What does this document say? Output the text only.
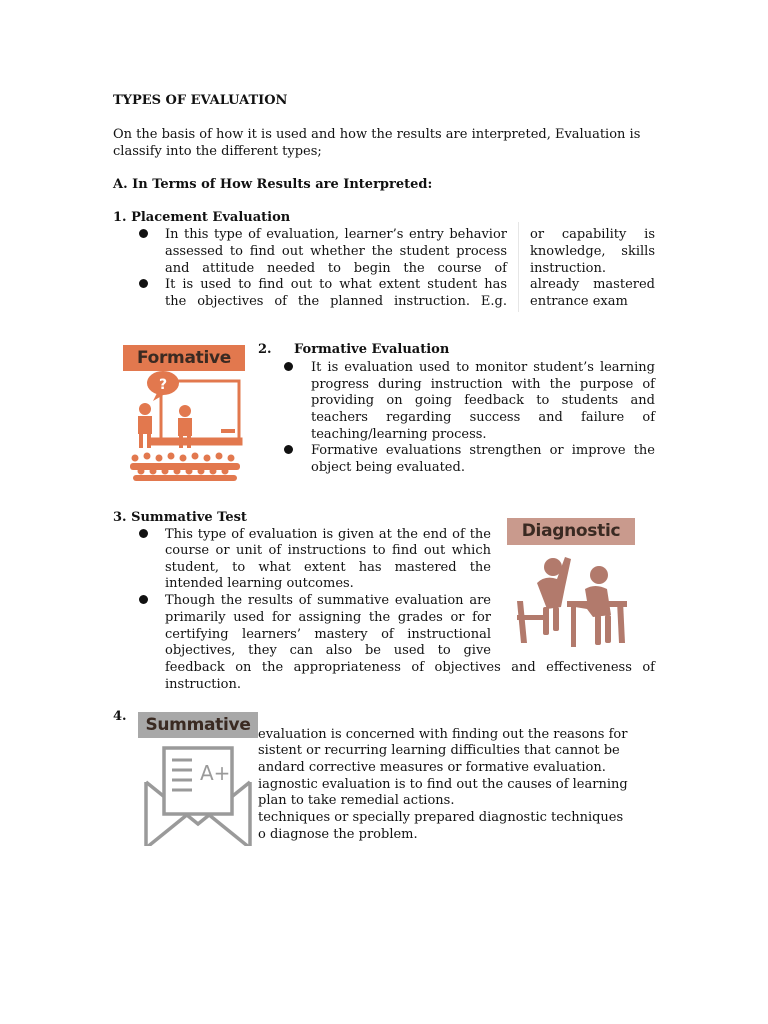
TYPES OF EVALUATION
On the basis of how it is used and how the results are interpreted, Evaluation is
classify into the different types;
A. In Terms of How Results are Interpreted:
1. Placement Evaluation
In this type of evaluation, learner’s entry behavior
assessed to find out whether the student process
and attitude needed to begin the course of
It is used to find out to what extent student has
the objectives of the planned instruction. E.g.
or capability is
knowledge, skills
instruction.
already mastered
entrance exam
Formative
?
2. Formative Evaluation
It is evaluation used to monitor student’s learning
progress during instruction with the purpose of
providing on going feedback to students and
teachers regarding success and failure of
teaching/learning process.
Formative evaluations strengthen or improve the
object being evaluated.
3. Summative Test
This type of evaluation is given at the end of the
course or unit of instructions to find out which
student, to what extent has mastered the
intended learning outcomes.
Though the results of summative evaluation are
primarily used for assigning the grades or for
certifying learners’ mastery of instructional
objectives, they can also be used to give
feedback on the appropriateness of objectives and effectiveness of
instruction.
Diagnostic
4.
evaluation is concerned with finding out the reasons for
sistent or recurring learning difficulties that cannot be
andard corrective measures or formative evaluation.
iagnostic evaluation is to find out the causes of learning
plan to take remedial actions.
techniques or specially prepared diagnostic techniques
o diagnose the problem.
Summative
A+
